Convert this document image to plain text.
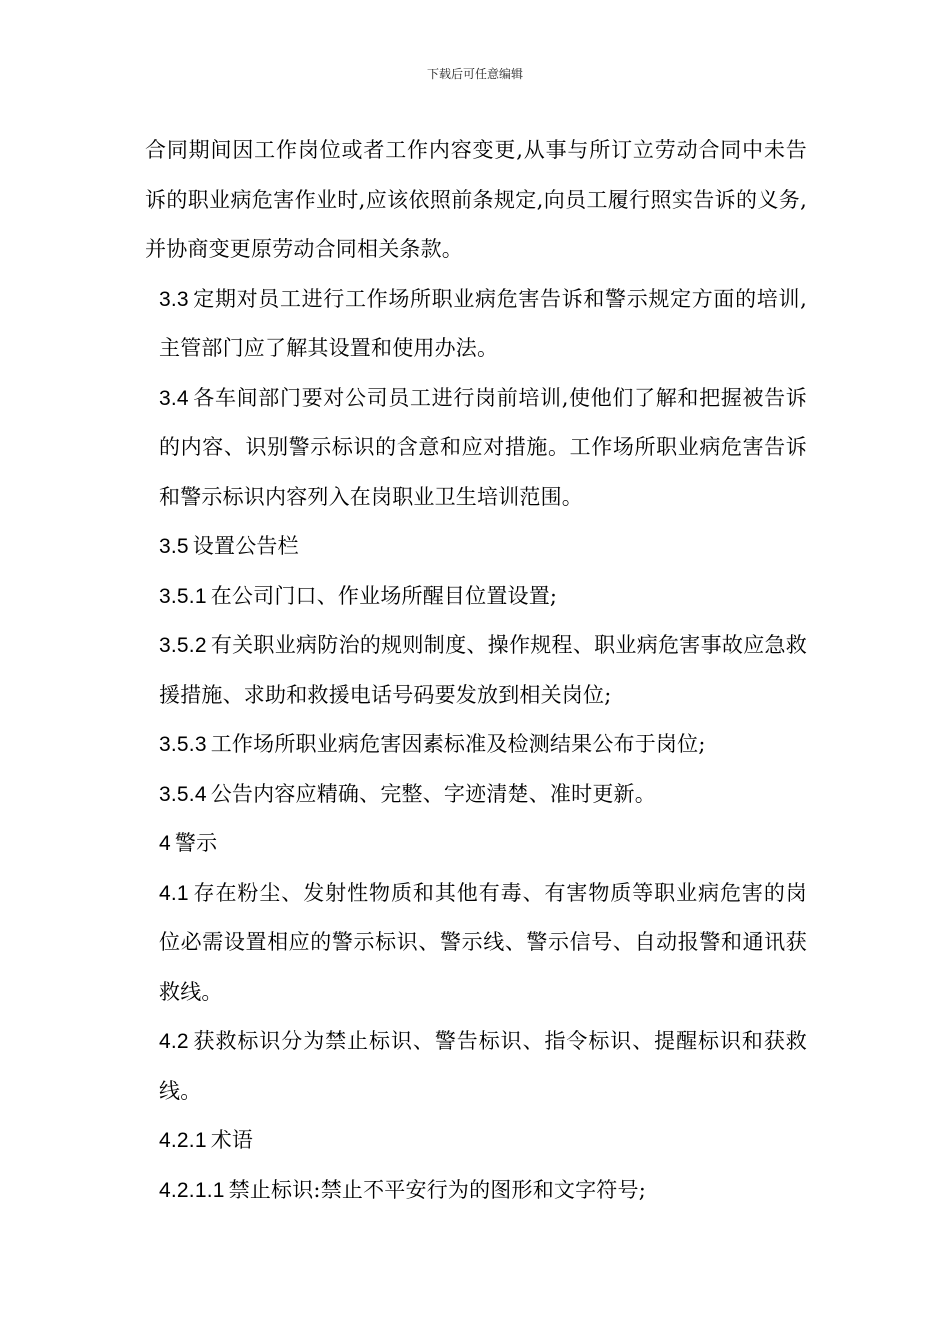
下载后可任意编辑

合同期间因工作岗位或者工作内容变更,从事与所订立劳动合同中未告诉的职业病危害作业时,应该依照前条规定,向员工履行照实告诉的义务,并协商变更原劳动合同相关条款。

3.3 定期对员工进行工作场所职业病危害告诉和警示规定方面的培训,主管部门应了解其设置和使用办法。

3.4 各车间部门要对公司员工进行岗前培训,使他们了解和把握被告诉的内容、识别警示标识的含意和应对措施。工作场所职业病危害告诉和警示标识内容列入在岗职业卫生培训范围。

3.5 设置公告栏

3.5.1 在公司门口、作业场所醒目位置设置;

3.5.2 有关职业病防治的规则制度、操作规程、职业病危害事故应急救援措施、求助和救援电话号码要发放到相关岗位;

3.5.3 工作场所职业病危害因素标准及检测结果公布于岗位;

3.5.4 公告内容应精确、完整、字迹清楚、准时更新。

4 警示

4.1 存在粉尘、发射性物质和其他有毒、有害物质等职业病危害的岗位必需设置相应的警示标识、警示线、警示信号、自动报警和通讯获救线。

4.2 获救标识分为禁止标识、警告标识、指令标识、提醒标识和获救线。

4.2.1 术语

4.2.1.1 禁止标识:禁止不平安行为的图形和文字符号;
